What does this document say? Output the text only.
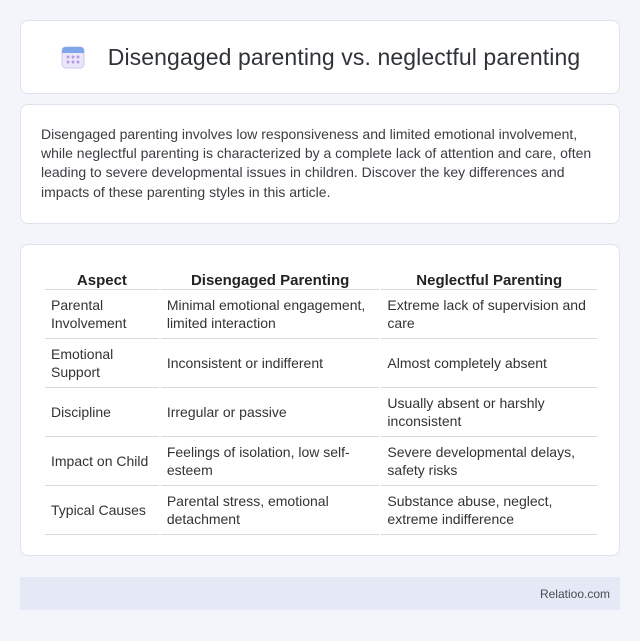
Disengaged parenting vs. neglectful parenting

Disengaged parenting involves low responsiveness and limited emotional involvement, while neglectful parenting is characterized by a complete lack of attention and care, often leading to severe developmental issues in children. Discover the key differences and impacts of these parenting styles in this article.

Aspect	Disengaged Parenting	Neglectful Parenting
Parental Involvement	Minimal emotional engagement, limited interaction	Extreme lack of supervision and care
Emotional Support	Inconsistent or indifferent	Almost completely absent
Discipline	Irregular or passive	Usually absent or harshly inconsistent
Impact on Child	Feelings of isolation, low self-esteem	Severe developmental delays, safety risks
Typical Causes	Parental stress, emotional detachment	Substance abuse, neglect, extreme indifference
Relatioo.com
